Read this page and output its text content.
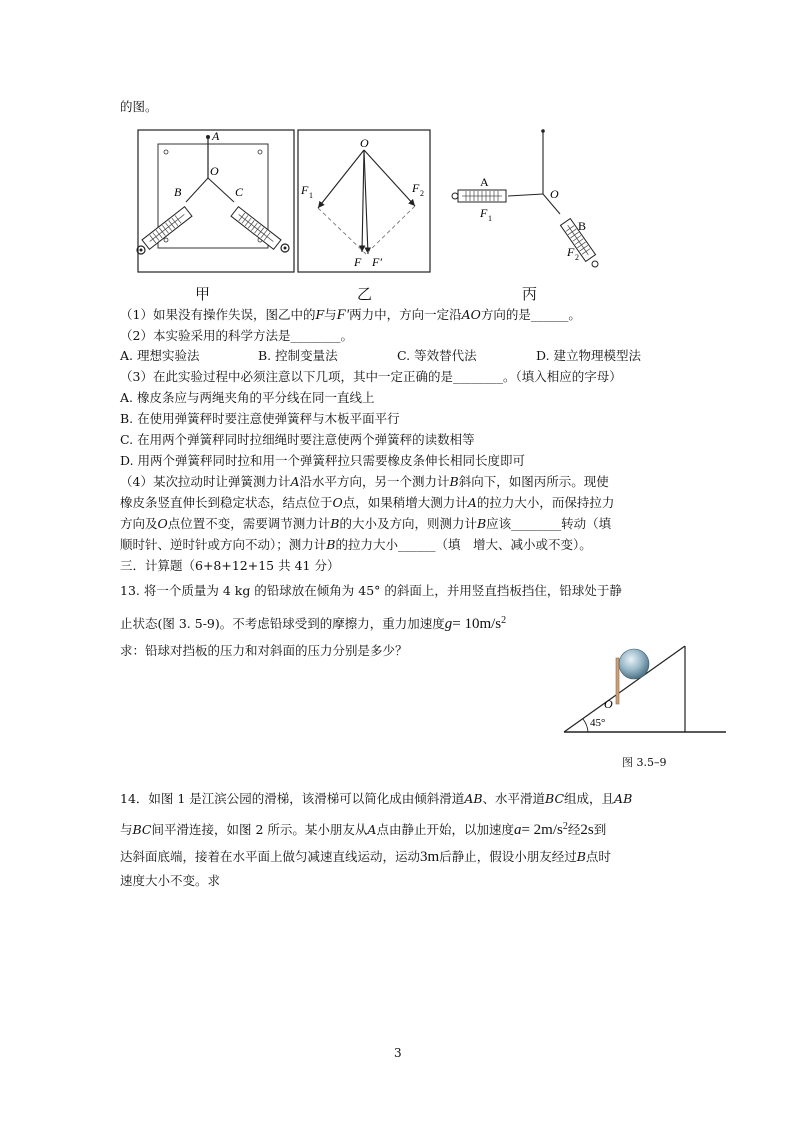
的图。
A
O
B	C
O
F 1
F 2
F F′
A
F 1
O
B
F 2
甲	乙	丙
（1）如果没有操作失误，图乙中的F与F′两力中，方向一定沿AO方向的是______。
（2）本实验采用的科学方法是________。
A. 理想实验法	B. 控制变量法	C. 等效替代法	D. 建立物理模型法
（3）在此实验过程中必须注意以下几项，其中一定正确的是________。（填入相应的字母）
A. 橡皮条应与两绳夹角的平分线在同一直线上
B. 在使用弹簧秤时要注意使弹簧秤与木板平面平行
C. 在用两个弹簧秤同时拉细绳时要注意使两个弹簧秤的读数相等
D. 用两个弹簧秤同时拉和用一个弹簧秤拉只需要橡皮条伸长相同长度即可
（4）某次拉动时让弹簧测力计A沿水平方向，另一个测力计B斜向下，如图丙所示。现使
橡皮条竖直伸长到稳定状态，结点位于O点，如果稍增大测力计A的拉力大小，而保持拉力
方向及O点位置不变，需要调节测力计B的大小及方向，则测力计B应该________转动（填
顺时针、逆时针或方向不动）；测力计B的拉力大小______（填　增大、减小或不变）。
三．计算题（6+8+12+15 共 41 分）
13. 将一个质量为 4 kg 的铅球放在倾角为 45° 的斜面上，并用竖直挡板挡住，铅球处于静
止状态(图 3. 5-9)。不考虑铅球受到的摩擦力，重力加速度$g= 10m/s^2$
求：铅球对挡板的压力和对斜面的压力分别是多少？
O
45°
图 3.5–9
14．如图 1 是江滨公园的滑梯，该滑梯可以简化成由倾斜滑道AB、水平滑道BC组成，且AB
与BC间平滑连接，如图 2 所示。某小朋友从A点由静止开始，以加速度$a= 2m/s^2$经2s到
达斜面底端，接着在水平面上做匀减速直线运动，运动3m后静止，假设小朋友经过B点时
速度大小不变。求
3
